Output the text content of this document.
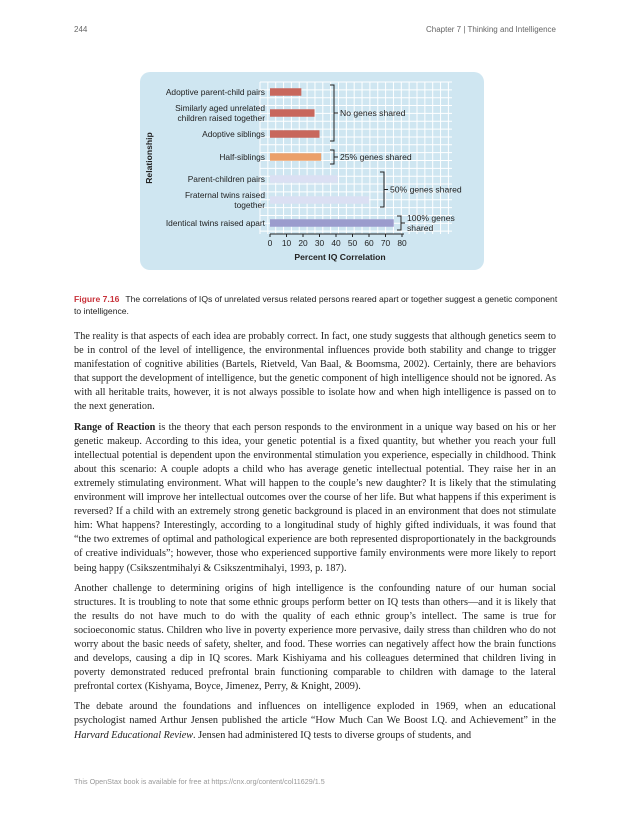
244	Chapter 7 | Thinking and Intelligence
Adoptive parent-child pairs
Similarly aged unrelated children raised together
Adoptive siblings
Half-siblings
Parent-children pairs
Fraternal twins raised together
Identical twins raised apart
0 10 20 30 40 50 60 70 80
Percent IQ Correlation
Relationship
No genes shared
25% genes shared
50% genes shared
100% genes shared
Figure 7.16 The correlations of IQs of unrelated versus related persons reared apart or together suggest a genetic component to intelligence.

The reality is that aspects of each idea are probably correct. In fact, one study suggests that although genetics seem to be in control of the level of intelligence, the environmental influences provide both stability and change to trigger manifestation of cognitive abilities (Bartels, Rietveld, Van Baal, & Boomsma, 2002). Certainly, there are behaviors that support the development of intelligence, but the genetic component of high intelligence should not be ignored. As with all heritable traits, however, it is not always possible to isolate how and when high intelligence is passed on to the next generation.

Range of Reaction is the theory that each person responds to the environment in a unique way based on his or her genetic makeup. According to this idea, your genetic potential is a fixed quantity, but whether you reach your full intellectual potential is dependent upon the environmental stimulation you experience, especially in childhood. Think about this scenario: A couple adopts a child who has average genetic intellectual potential. They raise her in an extremely stimulating environment. What will happen to the couple’s new daughter? It is likely that the stimulating environment will improve her intellectual outcomes over the course of her life. But what happens if this experiment is reversed? If a child with an extremely strong genetic background is placed in an environment that does not stimulate him: What happens? Interestingly, according to a longitudinal study of highly gifted individuals, it was found that “the two extremes of optimal and pathological experience are both represented disproportionately in the backgrounds of creative individuals”; however, those who experienced supportive family environments were more likely to report being happy (Csikszentmihalyi & Csikszentmihalyi, 1993, p. 187).

Another challenge to determining origins of high intelligence is the confounding nature of our human social structures. It is troubling to note that some ethnic groups perform better on IQ tests than others—and it is likely that the results do not have much to do with the quality of each ethnic group’s intellect. The same is true for socioeconomic status. Children who live in poverty experience more pervasive, daily stress than children who do not worry about the basic needs of safety, shelter, and food. These worries can negatively affect how the brain functions and develops, causing a dip in IQ scores. Mark Kishiyama and his colleagues determined that children living in poverty demonstrated reduced prefrontal brain functioning comparable to children with damage to the lateral prefrontal cortex (Kishyama, Boyce, Jimenez, Perry, & Knight, 2009).

The debate around the foundations and influences on intelligence exploded in 1969, when an educational psychologist named Arthur Jensen published the article “How Much Can We Boost I.Q. and Achievement” in the Harvard Educational Review. Jensen had administered IQ tests to diverse groups of students, and

This OpenStax book is available for free at https://cnx.org/content/col11629/1.5
